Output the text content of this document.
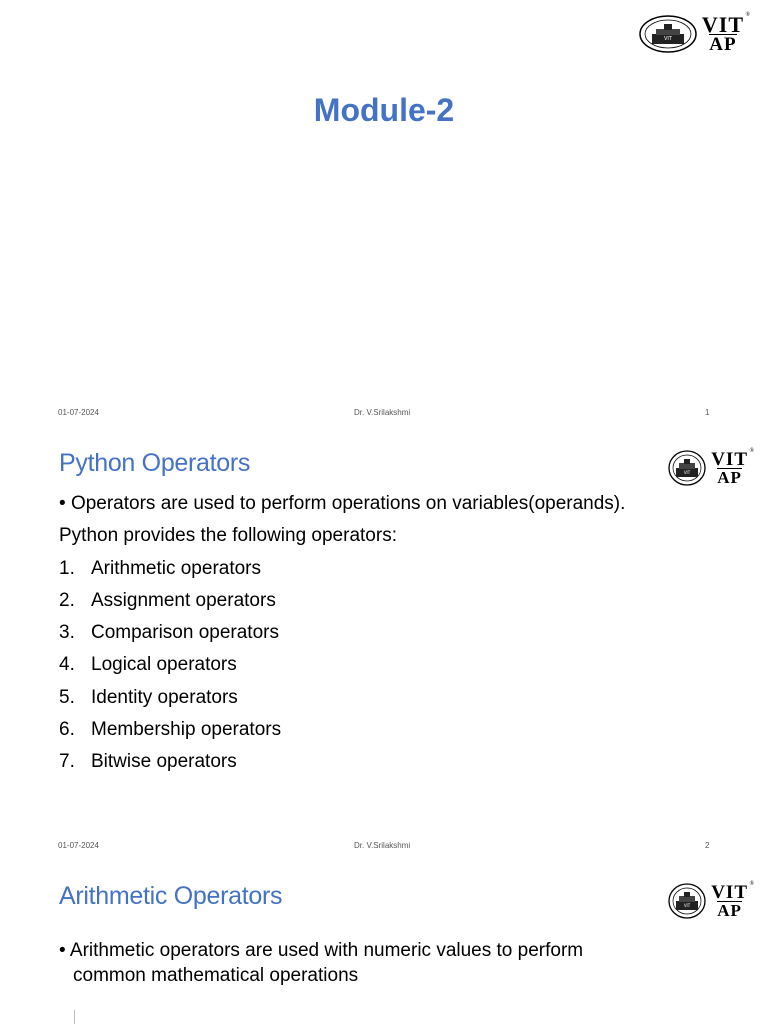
VIT
VIT
AP
®
Module-2
01-07-2024	Dr. V.Srilakshmi	1
Python Operators	VIT
VIT
AP
®
• Operators are used to perform operations on variables(operands).
Python provides the following operators:
1. Arithmetic operators
2. Assignment operators
3. Comparison operators
4. Logical operators
5. Identity operators
6. Membership operators
7. Bitwise operators
01-07-2024	Dr. V.Srilakshmi	2
Arithmetic Operators	VIT
VIT
AP
®
• Arithmetic operators are used with numeric values to perform
common mathematical operations
